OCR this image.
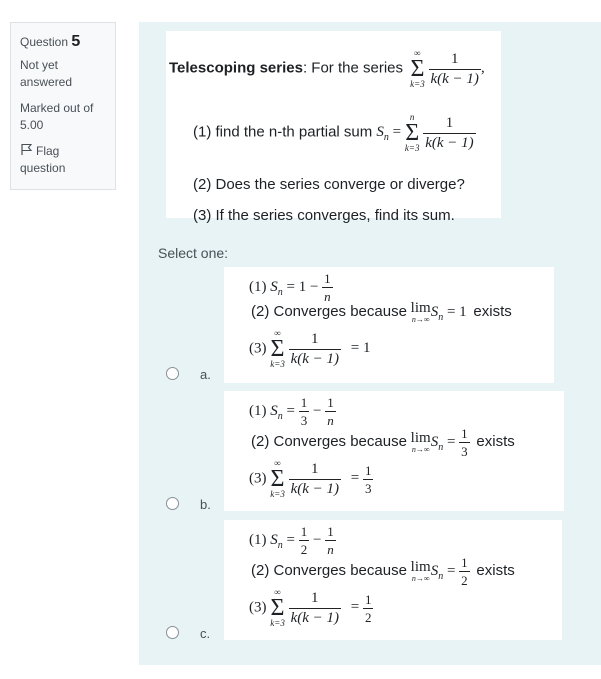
Question 5
Not yet answered
Marked out of 5.00
Flag question
Telescoping series: For the series
∞
Σ
k=3
$\frac{1}{k(k - 1)}$ ,
(1) find the n-th partial sum $S_n$ =
n
Σ
k=3
$\frac{1}{k(k - 1)}$
(2) Does the series converge or diverge?
(3) If the series converges, find its sum.
Select one:
a.
(1) $S_n = 1 - \frac{1}{n}$
(2) Converges because lim
n→∞ $S_n = 1$ exists
(3)
∞
Σ
k=3
$\frac{1}{k(k - 1)} = 1$
b.
(1) $S_n = \frac{1}{3} - \frac{1}{n}$
(2) Converges because lim
n→∞ $S_n = \frac{1}{3}$ exists
(3)
∞
Σ
k=3
$\frac{1}{k(k - 1)} = \frac{1}{3}$
c.
(1) $S_n = \frac{1}{2} - \frac{1}{n}$
(2) Converges because lim
n→∞ $S_n = \frac{1}{2}$ exists
(3)
∞
Σ
k=3
$\frac{1}{k(k - 1)} = \frac{1}{2}$
